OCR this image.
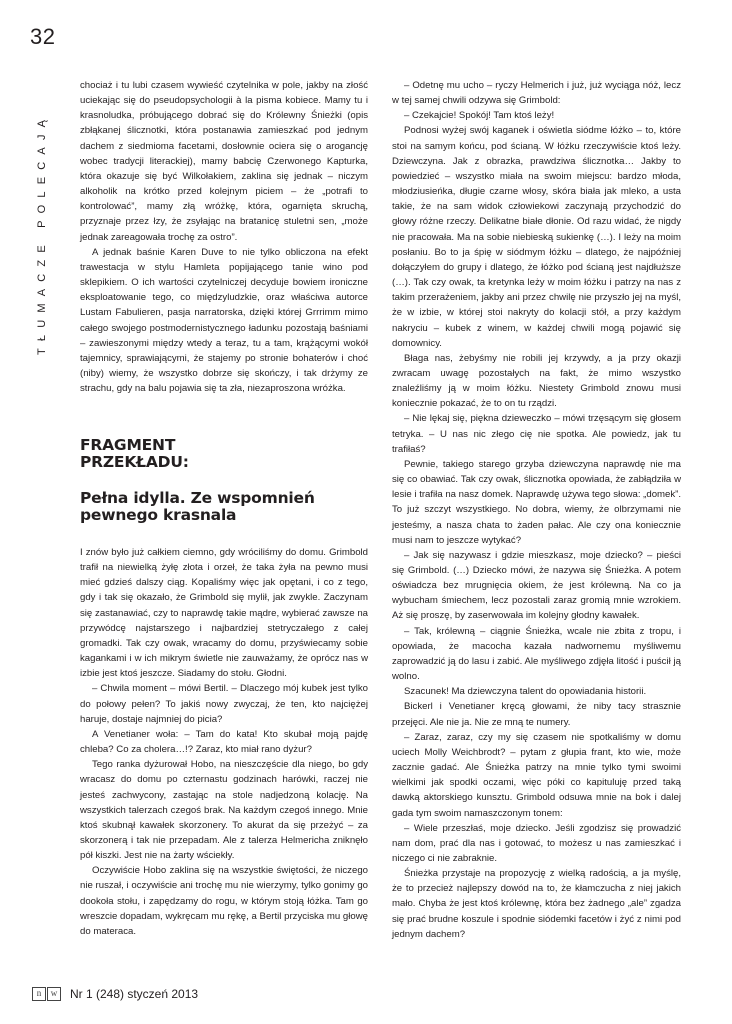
32
TŁUMACZE POLECAJĄ

chociaż i tu lubi czasem wywieść czytelnika w pole, jakby na złość uciekając się do pseudopsychologii à la pisma kobiece. Mamy tu i krasnoludka, próbującego dobrać się do Królewny Śnieżki (opis zbłąkanej ślicznotki, która postanawia zamieszkać pod jednym dachem z siedmioma facetami, dosłownie ociera się o arogancję wobec tradycji literackiej), mamy babcię Czerwonego Kapturka, która okazuje się być Wilkołakiem, zaklina się jednak – niczym alkoholik na krótko przed kolejnym piciem – że „potrafi to kontrolować”, mamy złą wróżkę, która, ogarnięta skruchą, przyznaje przez łzy, że zsyłając na bratanicę stuletni sen, „może jednak zareagowała trochę za ostro”.

A jednak baśnie Karen Duve to nie tylko obliczona na efekt trawestacja w stylu Hamleta popijającego tanie wino pod sklepikiem. O ich wartości czytelniczej decyduje bowiem ironiczne eksploatowanie tego, co międzyludzkie, oraz właściwa autorce Lustam Fabulieren, pasja narratorska, dzięki której Grrrimm mimo całego swojego postmodernistycznego ładunku pozostają baśniami – zawieszonymi między wtedy a teraz, tu a tam, krążącymi wokół tajemnicy, sprawiającymi, że stajemy po stronie bohaterów i choć (niby) wiemy, że wszystko dobrze się skończy, i tak drżymy ze strachu, gdy na balu pojawia się ta zła, niezaproszona wróżka.

FRAGMENT PRZEKŁADU:
Pełna idylla. Ze wspomnień pewnego krasnala

I znów było już całkiem ciemno, gdy wróciliśmy do domu. Grimbold trafił na niewielką żyłę złota i orzeł, że taka żyła na pewno musi mieć gdzieś dalszy ciąg. Kopaliśmy więc jak opętani, i co z tego, gdy i tak się okazało, że Grimbold się mylił, jak zwykle. Zaczynam się zastanawiać, czy to naprawdę takie mądre, wybierać zawsze na przywódcę najstarszego i najbardziej stetryczałego z całej gromadki. Tak czy owak, wracamy do domu, przyświecamy sobie kagankami i w ich mikrym świetle nie zauważamy, że oprócz nas w izbie jest ktoś jeszcze. Siadamy do stołu. Głodni.

– Chwila moment – mówi Bertil. – Dlaczego mój kubek jest tylko do połowy pełen? To jakiś nowy zwyczaj, że ten, kto najciężej haruje, dostaje najmniej do picia?

A Venetianer woła: – Tam do kata! Kto skubał moją pajdę chleba? Co za cholera…!? Zaraz, kto miał rano dyżur?

Tego ranka dyżurował Hobo, na nieszczęście dla niego, bo gdy wracasz do domu po czternastu godzinach harówki, raczej nie jesteś zachwycony, zastając na stole nadjedzoną kolację. Na wszystkich talerzach czegoś brak. Na każdym czegoś innego. Mnie ktoś skubnął kawałek skorzonery. To akurat da się przeżyć – za skorzonerą i tak nie przepadam. Ale z talerza Helmericha zniknęło pół kiszki. Jest nie na żarty wściekły.

Oczywiście Hobo zaklina się na wszystkie świętości, że niczego nie ruszał, i oczywiście ani trochę mu nie wierzymy, tylko gonimy go dookoła stołu, i zapędzamy do rogu, w którym stoją łóżka. Tam go wreszcie dopadam, wykręcam mu rękę, a Bertil przyciska mu głowę do materaca.

– Odetnę mu ucho – ryczy Helmerich i już, już wyciąga nóż, lecz w tej samej chwili odzywa się Grimbold:

– Czekajcie! Spokój! Tam ktoś leży!

Podnosi wyżej swój kaganek i oświetla siódme łóżko – to, które stoi na samym końcu, pod ścianą. W łóżku rzeczywiście ktoś leży. Dziewczyna. Jak z obrazka, prawdziwa ślicznotka… Jakby to powiedzieć – wszystko miała na swoim miejscu: bardzo młoda, młodziusieńka, długie czarne włosy, skóra biała jak mleko, a usta takie, że na sam widok człowiekowi zaczynają przychodzić do głowy różne rzeczy. Delikatne białe dłonie. Od razu widać, że nigdy nie pracowała. Ma na sobie niebieską sukienkę (…). I leży na moim posłaniu. Bo to ja śpię w siódmym łóżku – dlatego, że najpóźniej dołączyłem do grupy i dlatego, że łóżko pod ścianą jest najdłuższe (…). Tak czy owak, ta kretynka leży w moim łóżku i patrzy na nas z takim przerażeniem, jakby ani przez chwilę nie przyszło jej na myśl, że w izbie, w której stoi nakryty do kolacji stół, a przy każdym nakryciu – kubek z winem, w każdej chwili mogą pojawić się domownicy.

Błaga nas, żebyśmy nie robili jej krzywdy, a ja przy okazji zwracam uwagę pozostałych na fakt, że mimo wszystko znaleźliśmy ją w moim łóżku. Niestety Grimbold znowu musi koniecznie pokazać, że to on tu rządzi.

– Nie lękaj się, piękna dzieweczko – mówi trzęsącym się głosem tetryka. – U nas nic złego cię nie spotka. Ale powiedz, jak tu trafiłaś?

Pewnie, takiego starego grzyba dziewczyna naprawdę nie ma się co obawiać. Tak czy owak, ślicznotka opowiada, że zabłądziła w lesie i trafiła na nasz domek. Naprawdę używa tego słowa: „domek”. To już szczyt wszystkiego. No dobra, wiemy, że olbrzymami nie jesteśmy, a nasza chata to żaden pałac. Ale czy ona koniecznie musi nam to jeszcze wytykać?

– Jak się nazywasz i gdzie mieszkasz, moje dziecko? – pieści się Grimbold. (…) Dziecko mówi, że nazywa się Śnieżka. A potem oświadcza bez mrugnięcia okiem, że jest królewną. Na co ja wybucham śmiechem, lecz pozostali zaraz gromią mnie wzrokiem. Aż się proszę, by zaserwowała im kolejny głodny kawałek.

– Tak, królewną – ciągnie Śnieżka, wcale nie zbita z tropu, i opowiada, że macocha kazała nadwornemu myśliwemu zaprowadzić ją do lasu i zabić. Ale myśliwego zdjęła litość i puścił ją wolno.

Szacunek! Ma dziewczyna talent do opowiadania historii.

Bickerl i Venetianer kręcą głowami, że niby tacy strasznie przejęci. Ale nie ja. Nie ze mną te numery.

– Zaraz, zaraz, czy my się czasem nie spotkaliśmy w domu uciech Molly Weichbrodt? – pytam z głupia frant, kto wie, może zacznie gadać. Ale Śnieżka patrzy na mnie tylko tymi swoimi wielkimi jak spodki oczami, więc póki co kapituluję przed taką dawką aktorskiego kunsztu. Grimbold odsuwa mnie na bok i dalej gada tym swoim namaszczonym tonem:

– Wiele przeszłaś, moje dziecko. Jeśli zgodzisz się prowadzić nam dom, prać dla nas i gotować, to możesz u nas zamieszkać i niczego ci nie zabraknie.

Śnieżka przystaje na propozycję z wielką radością, a ja myślę, że to przecież najlepszy dowód na to, że kłamczucha z niej jakich mało. Chyba że jest ktoś królewnę, która bez żadnego „ale” zgadza się prać brudne koszule i spodnie siódemki facetów i żyć z nimi pod jednym dachem?

n	w	Nr 1 (248) styczeń 2013
